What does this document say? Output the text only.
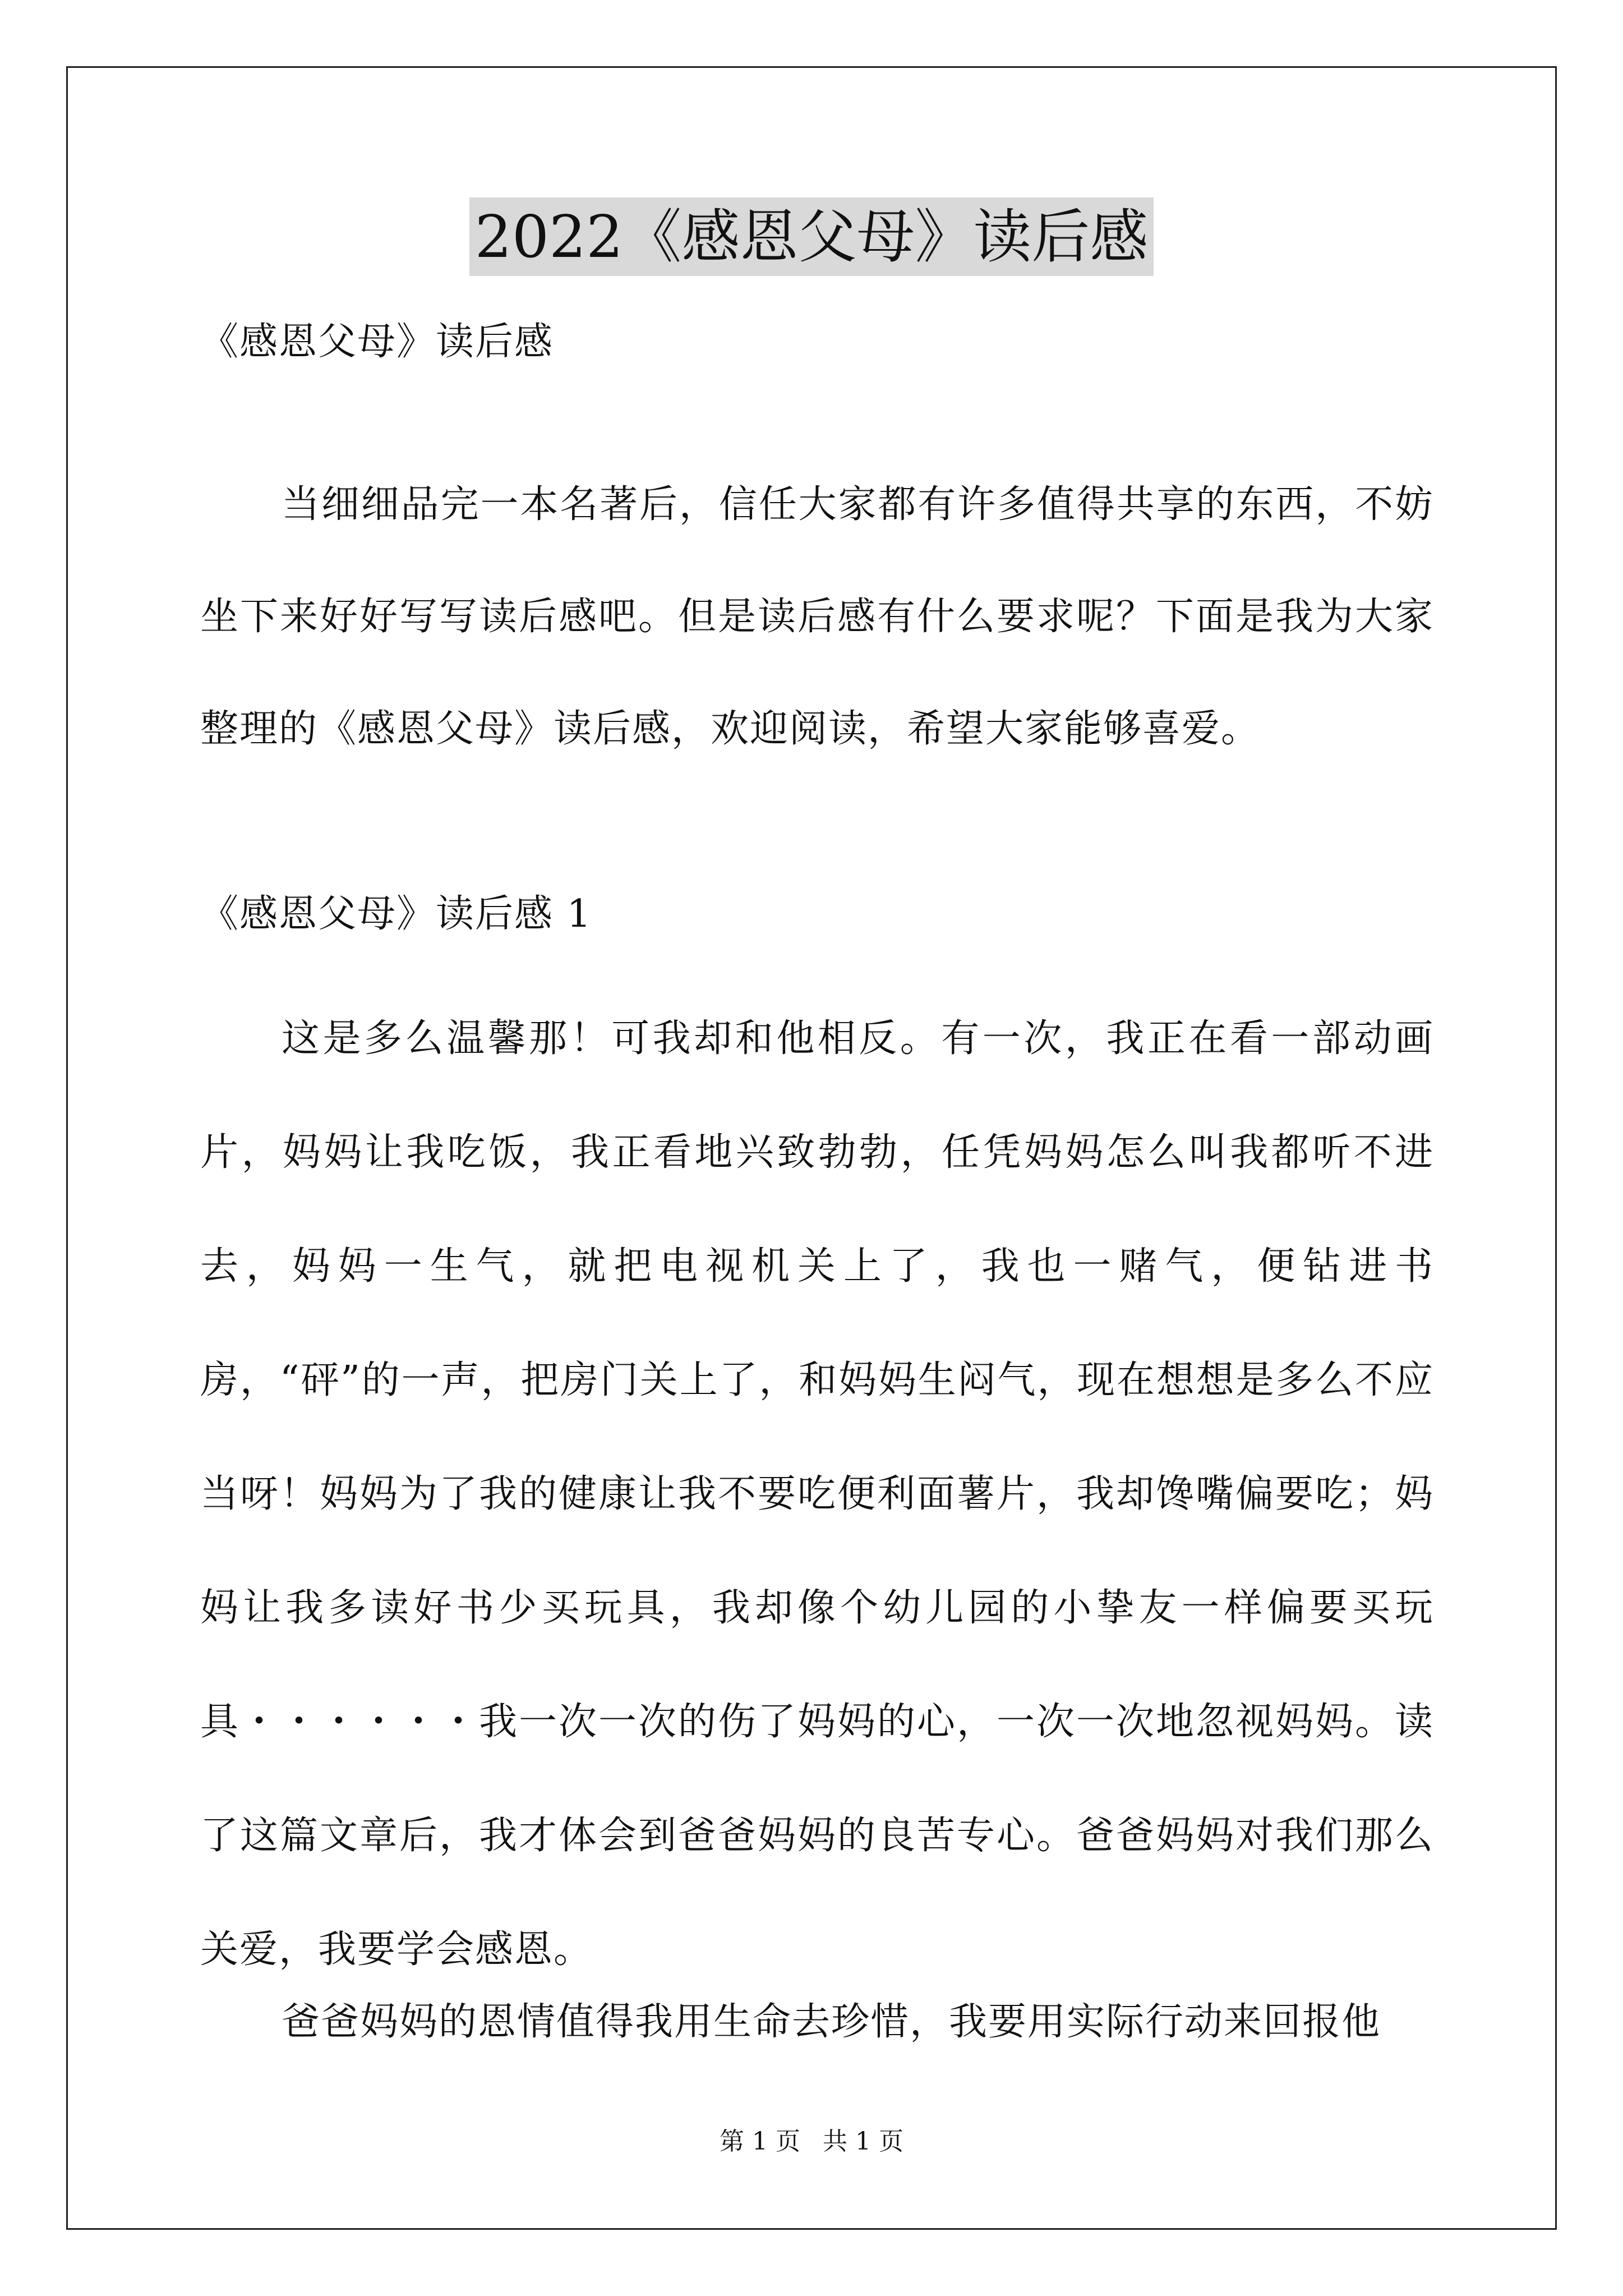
2022《感恩父母》读后感
《感恩父母》读后感
当细细品完一本名著后，信任大家都有许多值得共享的东西，不妨坐下来好好写写读后感吧。但是读后感有什么要求呢？下面是我为大家整理的《感恩父母》读后感，欢迎阅读，希望大家能够喜爱。
《感恩父母》读后感 1
这是多么温馨那！可我却和他相反。有一次，我正在看一部动画片，妈妈让我吃饭，我正看地兴致勃勃，任凭妈妈怎么叫我都听不进去，妈妈一生气，就把电视机关上了，我也一赌气，便钻进书房，“砰”的一声，把房门关上了，和妈妈生闷气，现在想想是多么不应当呀！妈妈为了我的健康让我不要吃便利面薯片，我却馋嘴偏要吃；妈妈让我多读好书少买玩具，我却像个幼儿园的小挚友一样偏要买玩具・・・・・・我一次一次的伤了妈妈的心，一次一次地忽视妈妈。读了这篇文章后，我才体会到爸爸妈妈的良苦专心。爸爸妈妈对我们那么关爱，我要学会感恩。
爸爸妈妈的恩情值得我用生命去珍惜，我要用实际行动来回报他
第 1 页 共 1 页
